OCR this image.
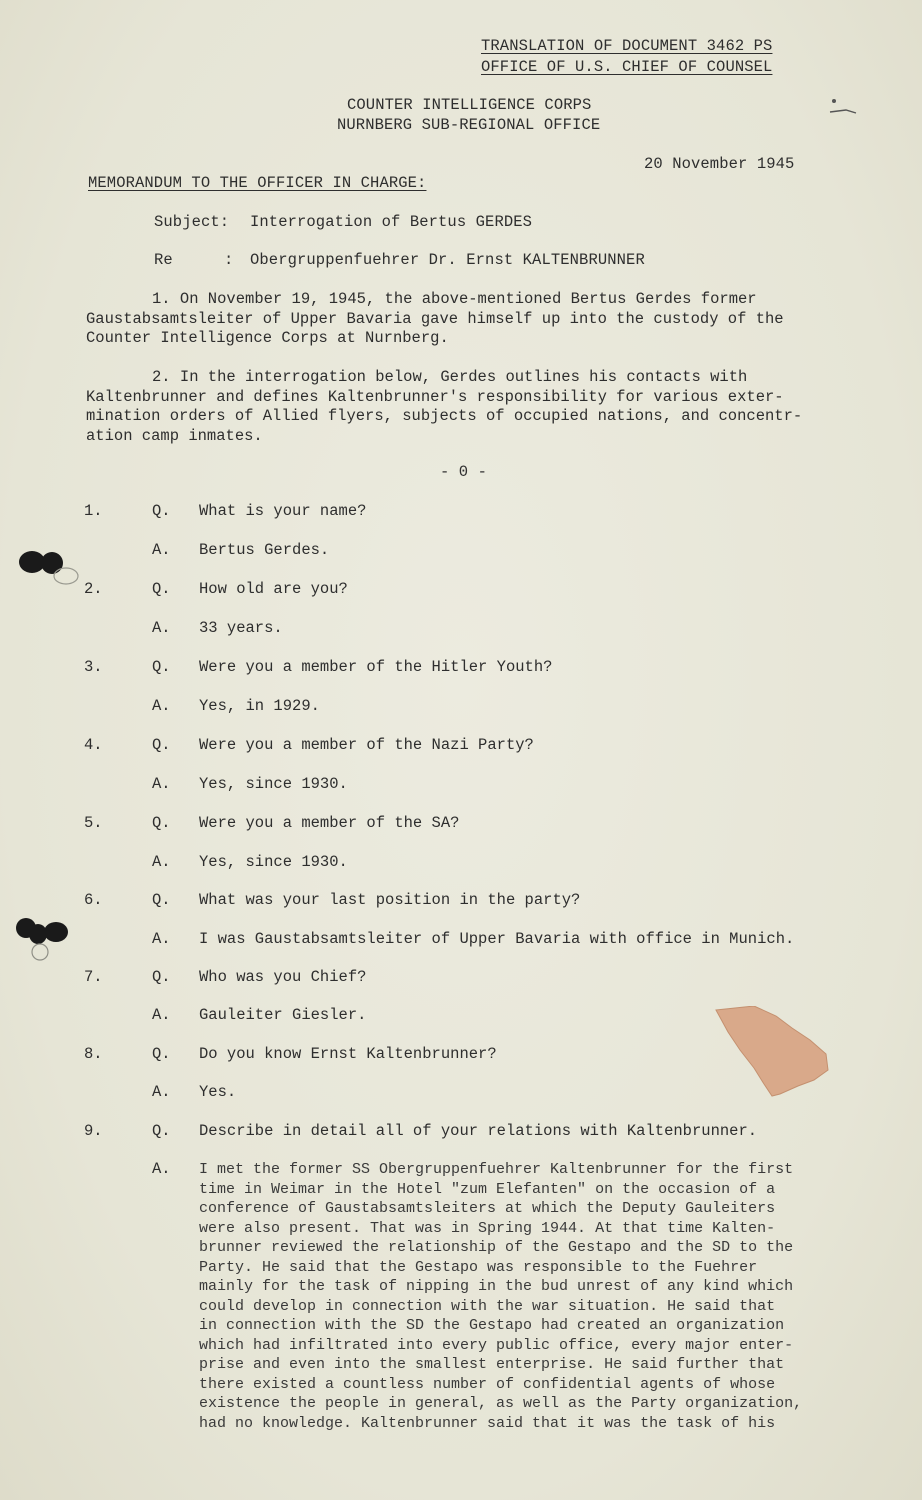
TRANSLATION OF DOCUMENT 3462 PS
OFFICE OF U.S. CHIEF OF COUNSEL
COUNTER INTELLIGENCE CORPS
NURNBERG SUB-REGIONAL OFFICE
20 November 1945
MEMORANDUM TO THE OFFICER IN CHARGE:
Subject: Interrogation of Bertus GERDES
Re	: Obergruppenfuehrer Dr. Ernst KALTENBRUNNER
1. On November 19, 1945, the above-mentioned Bertus Gerdes former
Gaustabsamtsleiter of Upper Bavaria gave himself up into the custody of the
Counter Intelligence Corps at Nurnberg.
2. In the interrogation below, Gerdes outlines his contacts with
Kaltenbrunner and defines Kaltenbrunner's responsibility for various exter-
mination orders of Allied flyers, subjects of occupied nations, and concentr-
ation camp inmates.
- 0 -
1.	Q. What is your name?
A. Bertus Gerdes.
2.	Q. How old are you?
A. 33 years.
3.	Q. Were you a member of the Hitler Youth?
A. Yes, in 1929.
4.	Q. Were you a member of the Nazi Party?
A. Yes, since 1930.
5.	Q. Were you a member of the SA?
A. Yes, since 1930.
6.	Q. What was your last position in the party?
A. I was Gaustabsamtsleiter of Upper Bavaria with office in Munich.
7.	Q. Who was you Chief?
A. Gauleiter Giesler.
8.	Q. Do you know Ernst Kaltenbrunner?
A. Yes.
9.	Q. Describe in detail all of your relations with Kaltenbrunner.
A. I met the former SS Obergruppenfuehrer Kaltenbrunner for the first
time in Weimar in the Hotel "zum Elefanten" on the occasion of a
conference of Gaustabsamtsleiters at which the Deputy Gauleiters
were also present. That was in Spring 1944. At that time Kalten-
brunner reviewed the relationship of the Gestapo and the SD to the
Party. He said that the Gestapo was responsible to the Fuehrer
mainly for the task of nipping in the bud unrest of any kind which
could develop in connection with the war situation. He said that
in connection with the SD the Gestapo had created an organization
which had infiltrated into every public office, every major enter-
prise and even into the smallest enterprise. He said further that
there existed a countless number of confidential agents of whose
existence the people in general, as well as the Party organization,
had no knowledge. Kaltenbrunner said that it was the task of his
